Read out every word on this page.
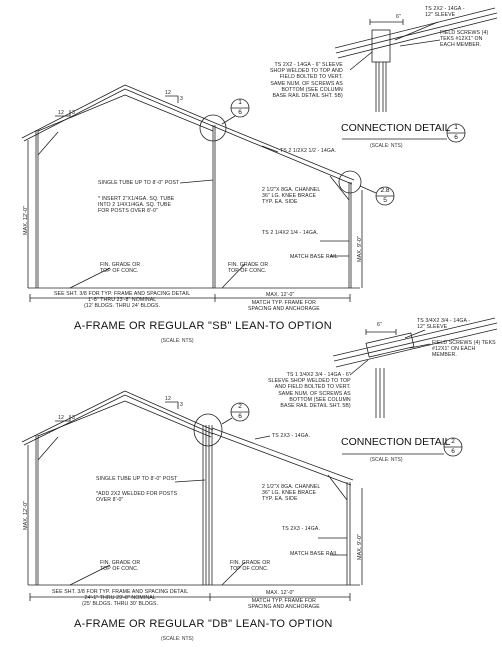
TS 2X2 - 14GA -
12" SLEEVE
6"
FIELD SCREWS (4)
TEKS #12X1" ON
EACH MEMBER.
TS 2X2 - 14GA - 6" SLEEVE
SHOP WELDED TO TOP AND
FIELD BOLTED TO VERT.
SAME NUM. OF SCREWS AS
BOTTOM (SEE COLUMN
BASE RAIL DETAIL SHT. 5B)
CONNECTION DETAIL
(SCALE: NTS)
1
6
12 3
12
3	1
6
2.8
5
TS 2 1/2X2 1/2 - 14GA.
SINGLE TUBE UP TO 8'-0" POST
* INSERT 2"X1/4GA. SQ. TUBE
INTO 2 1/4X1/4GA. SQ. TUBE
FOR POSTS OVER 8'-0"
2 1/2"X 8GA. CHANNEL
36" LG. KNEE BRACE
TYP. EA. SIDE
TS 2 1/4X2 1/4 - 14GA.
MATCH BASE RAIL
FIN. GRADE OR
TOP OF CONC.
FIN. GRADE OR
TOP OF CONC.
SEE SHT. 3/8 FOR TYP. FRAME AND SPACING DETAIL
1'-8" THRU 23'-8" NOMINAL
(12' BLDGS. THRU 24' BLDGS.
MAX. 12'-0"
MATCH TYP. FRAME FOR
SPACING AND ANCHORAGE
MAX. 12'-0"
MAX. 9'-0"
A-FRAME OR REGULAR "SB" LEAN-TO OPTION
(SCALE: NTS)
TS 3/4X2 3/4 - 14GA -
12" SLEEVE
6"
FIELD SCREWS (4) TEKS
#12X1" ON EACH
MEMBER.
TS 1 3/4X2 3/4 - 14GA - 6"
SLEEVE SHOP WELDED TO TOP
AND FIELD BOLTED TO VERT.
SAME NUM. OF SCREWS AS
BOTTOM (SEE COLUMN
BASE RAIL DETAIL SHT. 5B)
CONNECTION DETAIL
(SCALE: NTS)
2
6
12 3
12
3	2
6
TS 2X3 - 14GA.
SINGLE TUBE UP TO 8'-0" POST
*ADD 2X2 WELDED FOR POSTS
OVER 8'-0"
2 1/2"X 8GA. CHANNEL
36" LG. KNEE BRACE
TYP. EA. SIDE
TS 2X3 - 14GA.
MATCH BASE RAIL
FIN. GRADE OR
TOP OF CONC.
FIN. GRADE OR
TOP OF CONC.
SEE SHT. 3/8 FOR TYP. FRAME AND SPACING DETAIL
24'-1" THRU 29'-8" NOMINAL
(25' BLDGS. THRU 30' BLDGS.
MAX. 12'-0"
MATCH TYP. FRAME FOR
SPACING AND ANCHORAGE
MAX. 12'-0"
MAX. 9'-0"
A-FRAME OR REGULAR "DB" LEAN-TO OPTION
(SCALE: NTS)
